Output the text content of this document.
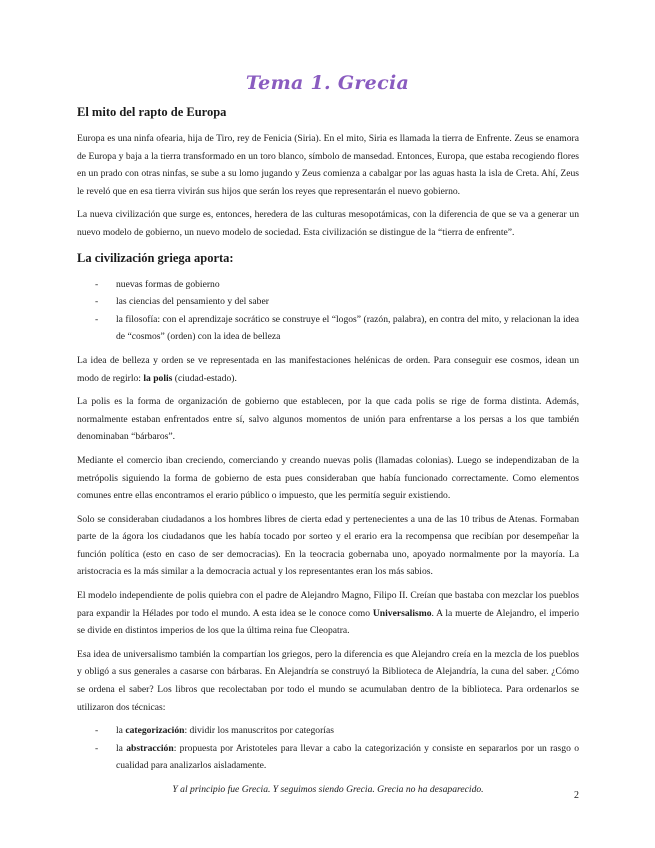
Tema 1. Grecia
El mito del rapto de Europa

Europa es una ninfa ofearia, hija de Tiro, rey de Fenicia (Siria). En el mito, Siria es llamada la tierra de Enfrente. Zeus se enamora de Europa y baja a la tierra transformado en un toro blanco, símbolo de mansedad. Entonces, Europa, que estaba recogiendo flores en un prado con otras ninfas, se sube a su lomo jugando y Zeus comienza a cabalgar por las aguas hasta la isla de Creta. Ahí, Zeus le reveló que en esa tierra vivirán sus hijos que serán los reyes que representarán el nuevo gobierno.

La nueva civilización que surge es, entonces, heredera de las culturas mesopotámicas, con la diferencia de que se va a generar un nuevo modelo de gobierno, un nuevo modelo de sociedad. Esta civilización se distingue de la “tierra de enfrente”.

La civilización griega aporta:
- nuevas formas de gobierno
- las ciencias del pensamiento y del saber
- la filosofía: con el aprendizaje socrático se construye el “logos” (razón, palabra), en contra del mito, y relacionan la idea de “cosmos” (orden) con la idea de belleza

La idea de belleza y orden se ve representada en las manifestaciones helénicas de orden. Para conseguir ese cosmos, idean un modo de regirlo: la polis (ciudad-estado).

La polis es la forma de organización de gobierno que establecen, por la que cada polis se rige de forma distinta. Además, normalmente estaban enfrentados entre sí, salvo algunos momentos de unión para enfrentarse a los persas a los que también denominaban “bárbaros”.

Mediante el comercio iban creciendo, comerciando y creando nuevas polis (llamadas colonias). Luego se independizaban de la metrópolis siguiendo la forma de gobierno de esta pues consideraban que había funcionado correctamente. Como elementos comunes entre ellas encontramos el erario público o impuesto, que les permitía seguir existiendo.

Solo se consideraban ciudadanos a los hombres libres de cierta edad y pertenecientes a una de las 10 tribus de Atenas. Formaban parte de la ágora los ciudadanos que les había tocado por sorteo y el erario era la recompensa que recibían por desempeñar la función política (esto en caso de ser democracias). En la teocracia gobernaba uno, apoyado normalmente por la mayoría. La aristocracia es la más similar a la democracia actual y los representantes eran los más sabios.

El modelo independiente de polis quiebra con el padre de Alejandro Magno, Filipo II. Creían que bastaba con mezclar los pueblos para expandir la Hélades por todo el mundo. A esta idea se le conoce como Universalismo. A la muerte de Alejandro, el imperio se divide en distintos imperios de los que la última reina fue Cleopatra.

Esa idea de universalismo también la compartían los griegos, pero la diferencia es que Alejandro creía en la mezcla de los pueblos y obligó a sus generales a casarse con bárbaras. En Alejandría se construyó la Biblioteca de Alejandría, la cuna del saber. ¿Cómo se ordena el saber? Los libros que recolectaban por todo el mundo se acumulaban dentro de la biblioteca. Para ordenarlos se utilizaron dos técnicas:

- la categorización: dividir los manuscritos por categorías
- la abstracción: propuesta por Aristoteles para llevar a cabo la categorización y consiste en separarlos por un rasgo o cualidad para analizarlos aisladamente.
Y al principio fue Grecia. Y seguimos siendo Grecia. Grecia no ha desaparecido.
2
